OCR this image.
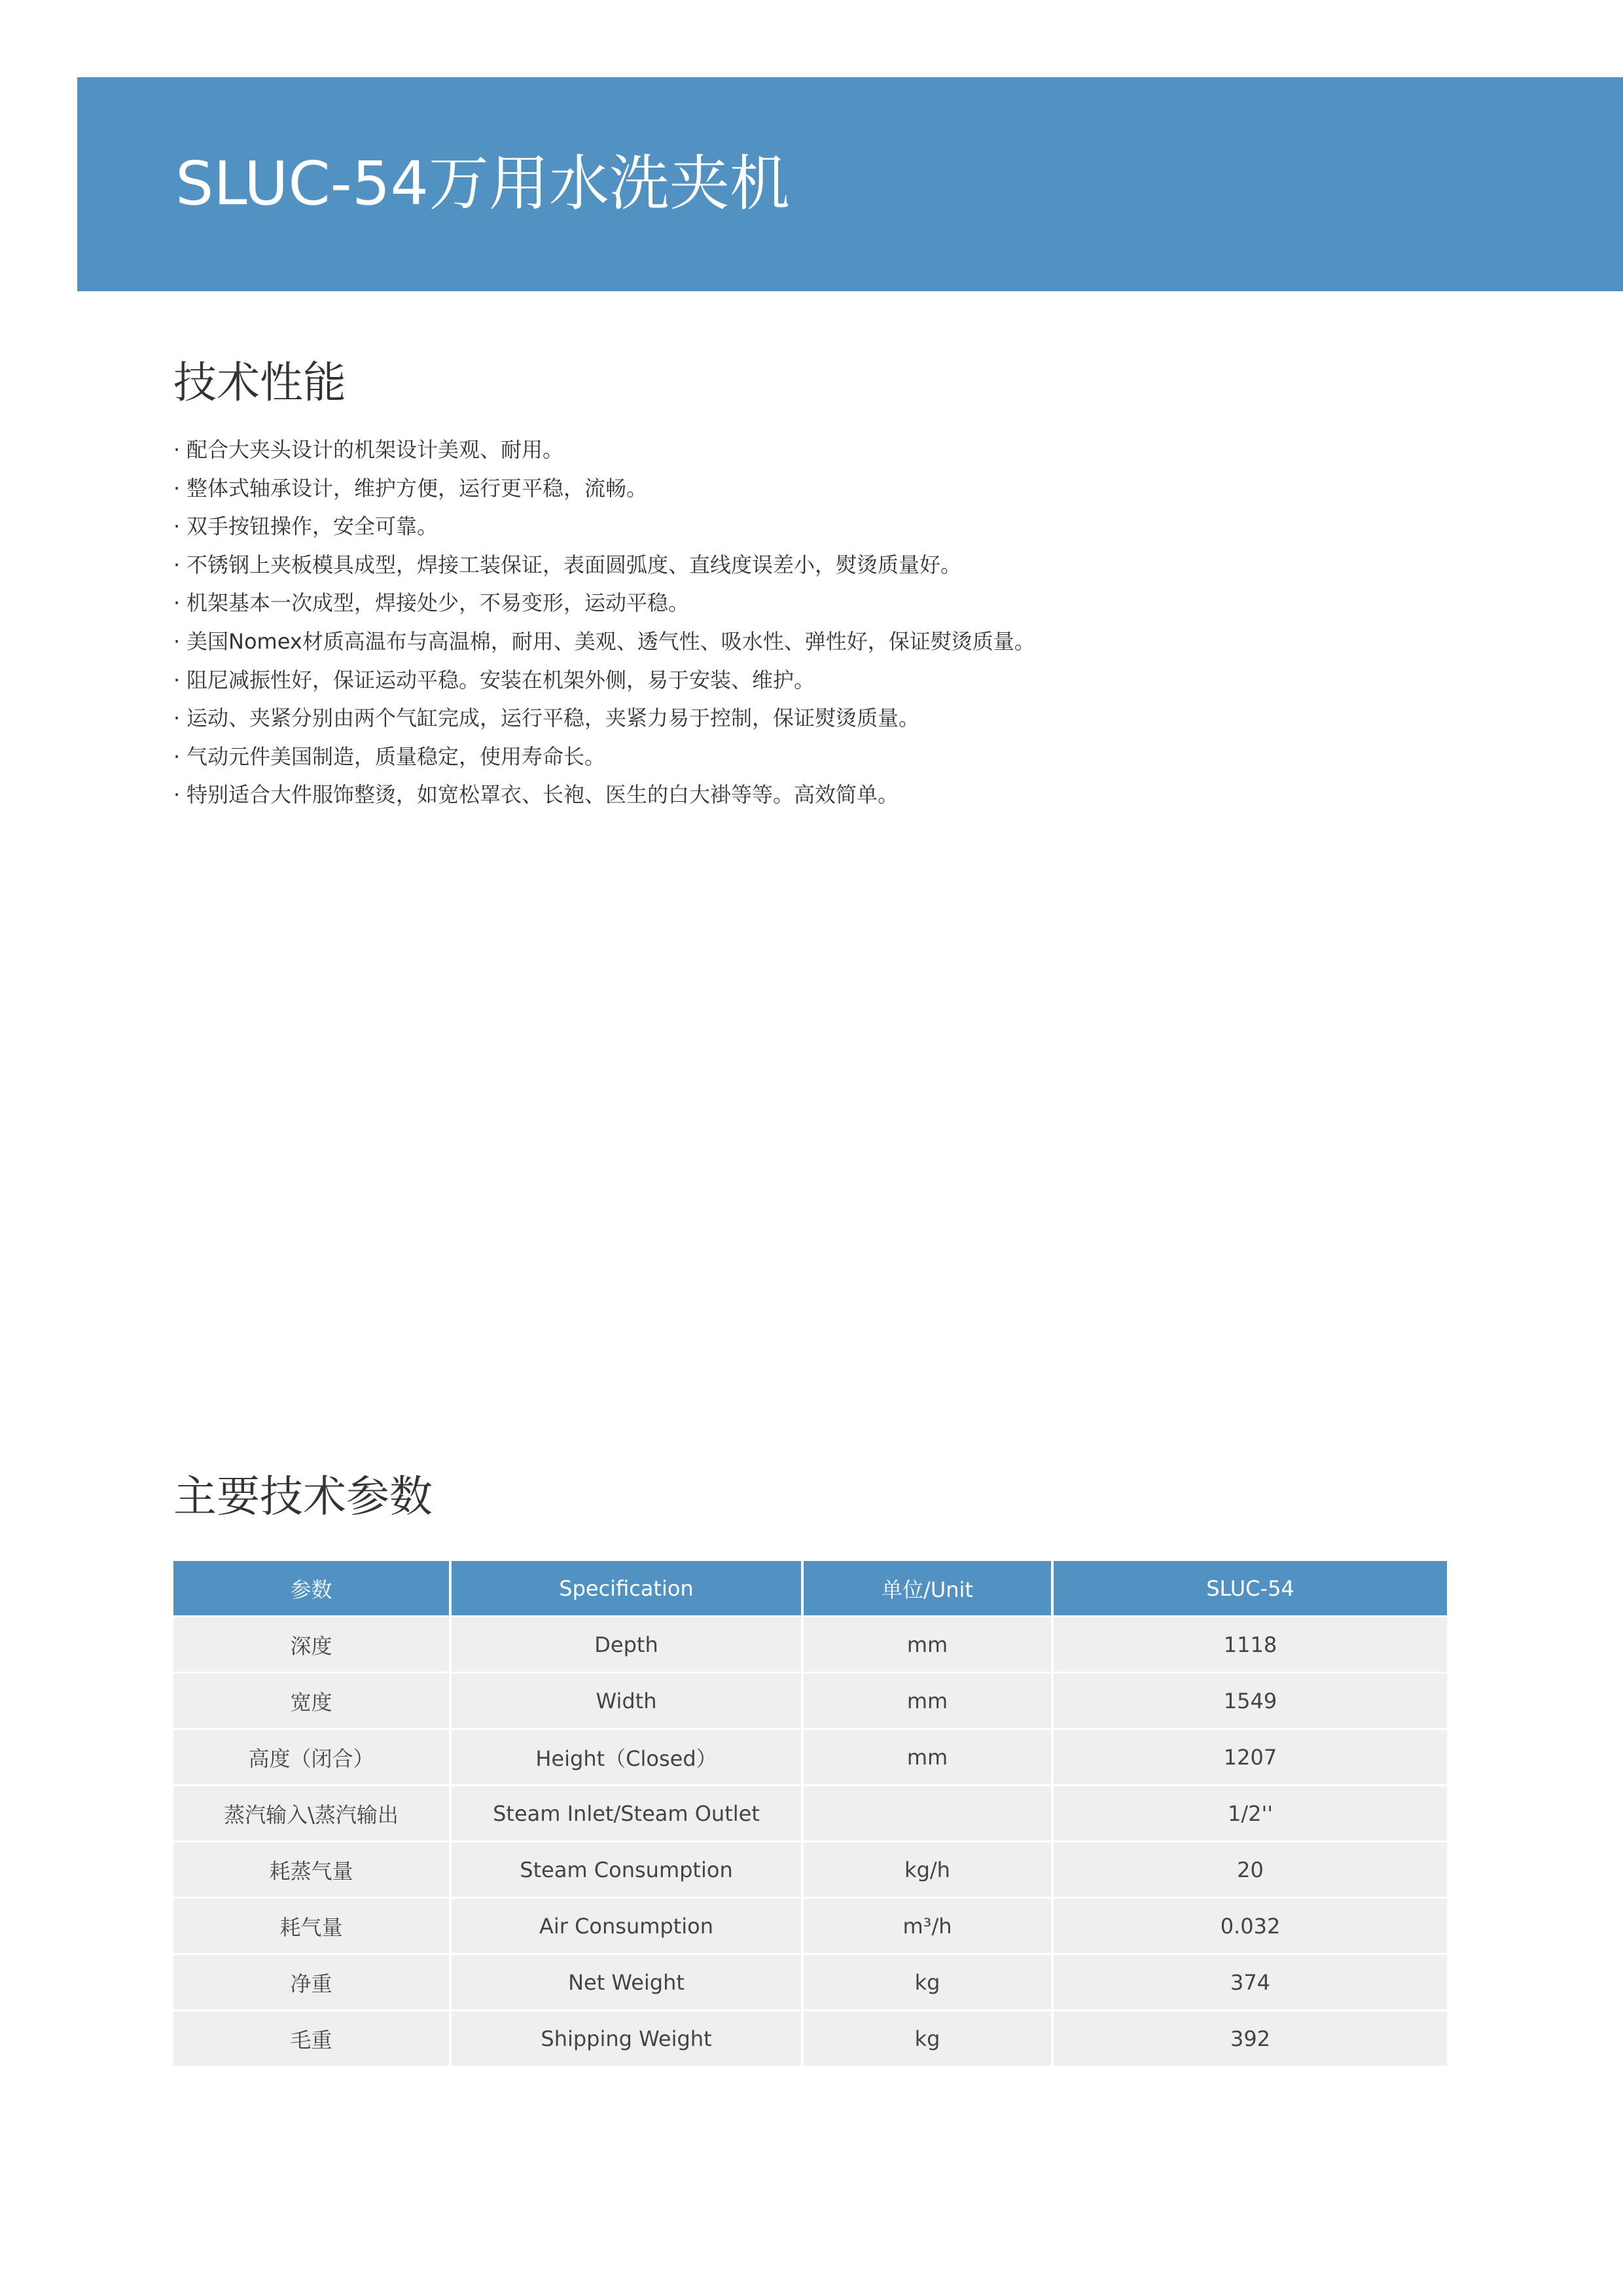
SLUC-54万用水洗夹机
技术性能
· 配合大夹头设计的机架设计美观、耐用。
· 整体式轴承设计，维护方便，运行更平稳，流畅。
· 双手按钮操作，安全可靠。
· 不锈钢上夹板模具成型，焊接工装保证，表面圆弧度、直线度误差小，熨烫质量好。
· 机架基本一次成型，焊接处少，不易变形，运动平稳。
· 美国Nomex材质高温布与高温棉，耐用、美观、透气性、吸水性、弹性好，保证熨烫质量。
· 阻尼减振性好，保证运动平稳。安装在机架外侧，易于安装、维护。
· 运动、夹紧分别由两个气缸完成，运行平稳，夹紧力易于控制，保证熨烫质量。
· 气动元件美国制造，质量稳定，使用寿命长。
· 特别适合大件服饰整烫，如宽松罩衣、长袍、医生的白大褂等等。高效简单。
主要技术参数
参数	Specification	单位/Unit	SLUC-54
深度	Depth	mm	1118
宽度	Width	mm	1549
高度（闭合）	Height（Closed）	mm	1207
蒸汽输入\蒸汽输出	Steam Inlet/Steam Outlet		1/2''
耗蒸气量	Steam Consumption	kg/h	20
耗气量	Air Consumption	m³/h	0.032
净重	Net Weight	kg	374
毛重	Shipping Weight	kg	392
